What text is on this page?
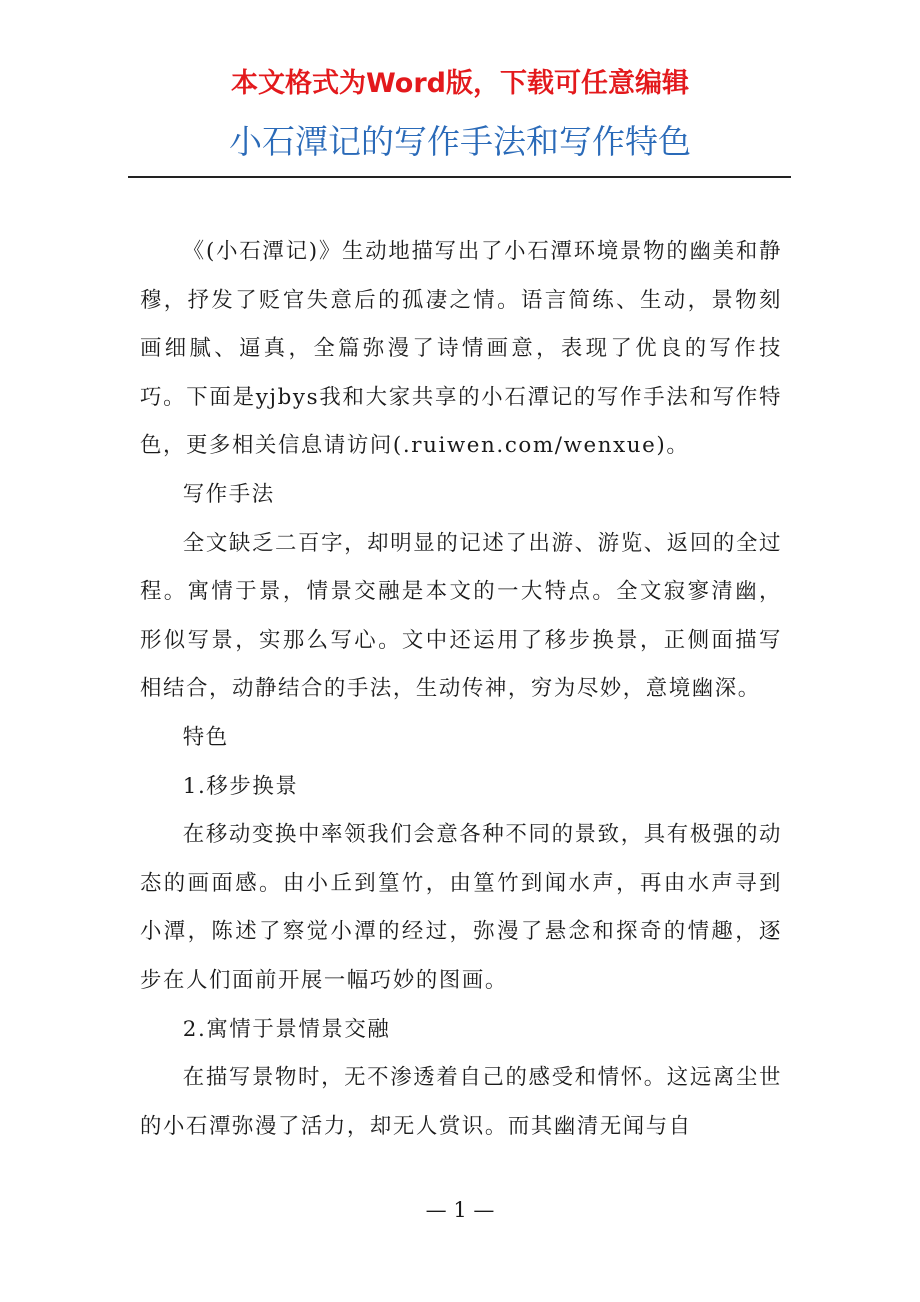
本文格式为Word版，下载可任意编辑
小石潭记的写作手法和写作特色

《(小石潭记)》生动地描写出了小石潭环境景物的幽美和静穆，抒发了贬官失意后的孤凄之情。语言简练、生动，景物刻画细腻、逼真，全篇弥漫了诗情画意，表现了优良的写作技巧。下面是yjbys我和大家共享的小石潭记的写作手法和写作特色，更多相关信息请访问(.ruiwen.com/wenxue)。

写作手法

全文缺乏二百字，却明显的记述了出游、游览、返回的全过程。寓情于景，情景交融是本文的一大特点。全文寂寥清幽，形似写景，实那么写心。文中还运用了移步换景，正侧面描写相结合，动静结合的手法，生动传神，穷为尽妙，意境幽深。

特色

1.移步换景

在移动变换中率领我们会意各种不同的景致，具有极强的动态的画面感。由小丘到篁竹，由篁竹到闻水声，再由水声寻到小潭，陈述了察觉小潭的经过，弥漫了悬念和探奇的情趣，逐步在人们面前开展一幅巧妙的图画。

2.寓情于景情景交融

在描写景物时，无不渗透着自己的感受和情怀。这远离尘世的小石潭弥漫了活力，却无人赏识。而其幽清无闻与自

— 1 —
